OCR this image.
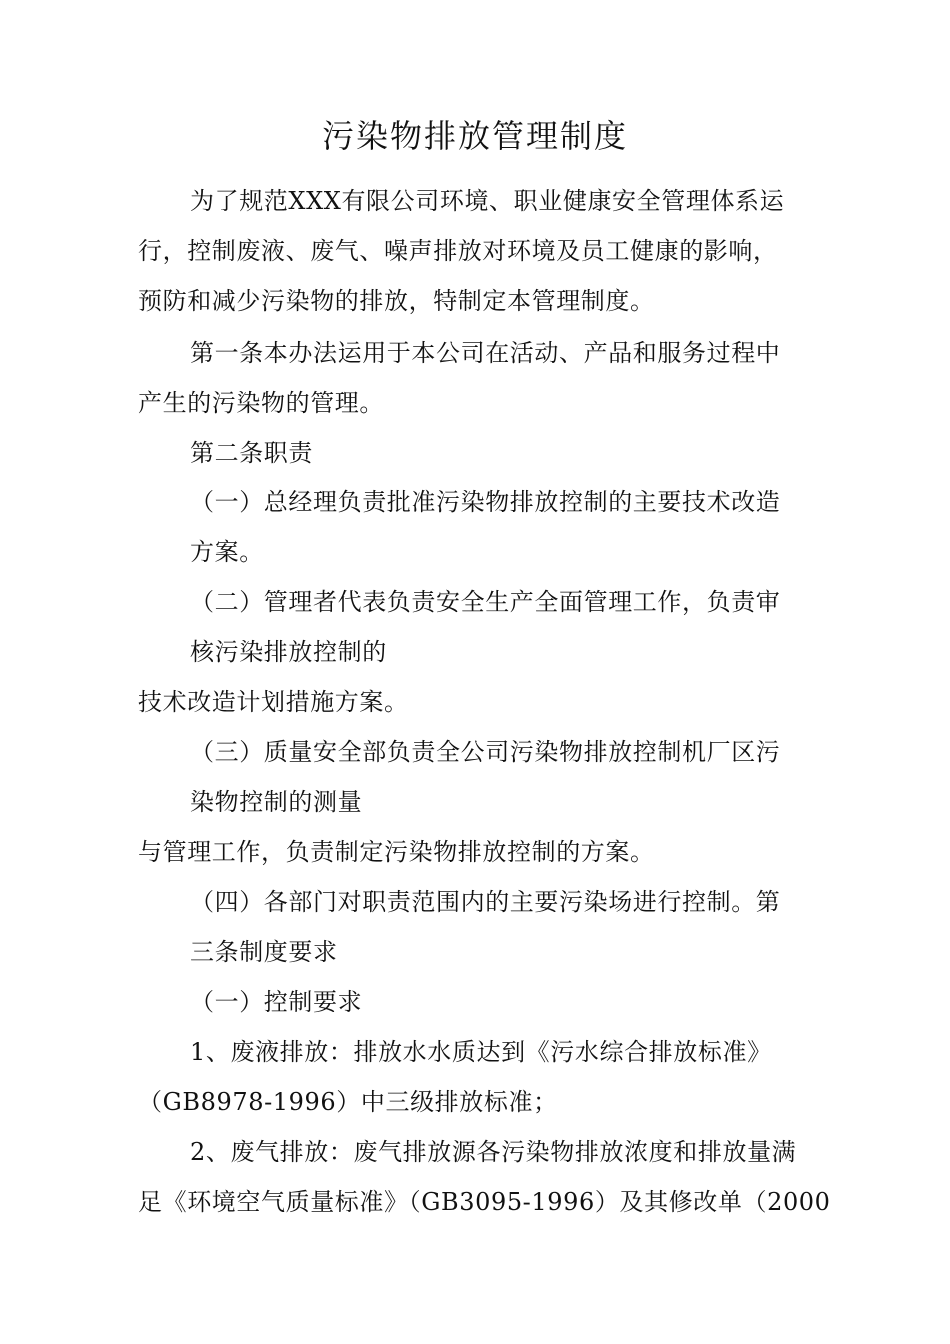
污染物排放管理制度
为了规范XXX有限公司环境、职业健康安全管理体系运
行，控制废液、废气、噪声排放对环境及员工健康的影响，
预防和减少污染物的排放，特制定本管理制度。
第一条本办法运用于本公司在活动、产品和服务过程中
产生的污染物的管理。
第二条职责
（一）总经理负责批准污染物排放控制的主要技术改造
方案。
（二）管理者代表负责安全生产全面管理工作，负责审
核污染排放控制的
技术改造计划措施方案。
（三）质量安全部负责全公司污染物排放控制机厂区污
染物控制的测量
与管理工作，负责制定污染物排放控制的方案。
（四）各部门对职责范围内的主要污染场进行控制。第
三条制度要求
（一）控制要求
1、废液排放：排放水水质达到《污水综合排放标准》
（GB8978-1996）中三级排放标准；
2、废气排放：废气排放源各污染物排放浓度和排放量满
足《环境空气质量标准》（GB3095-1996）及其修改单（2000
